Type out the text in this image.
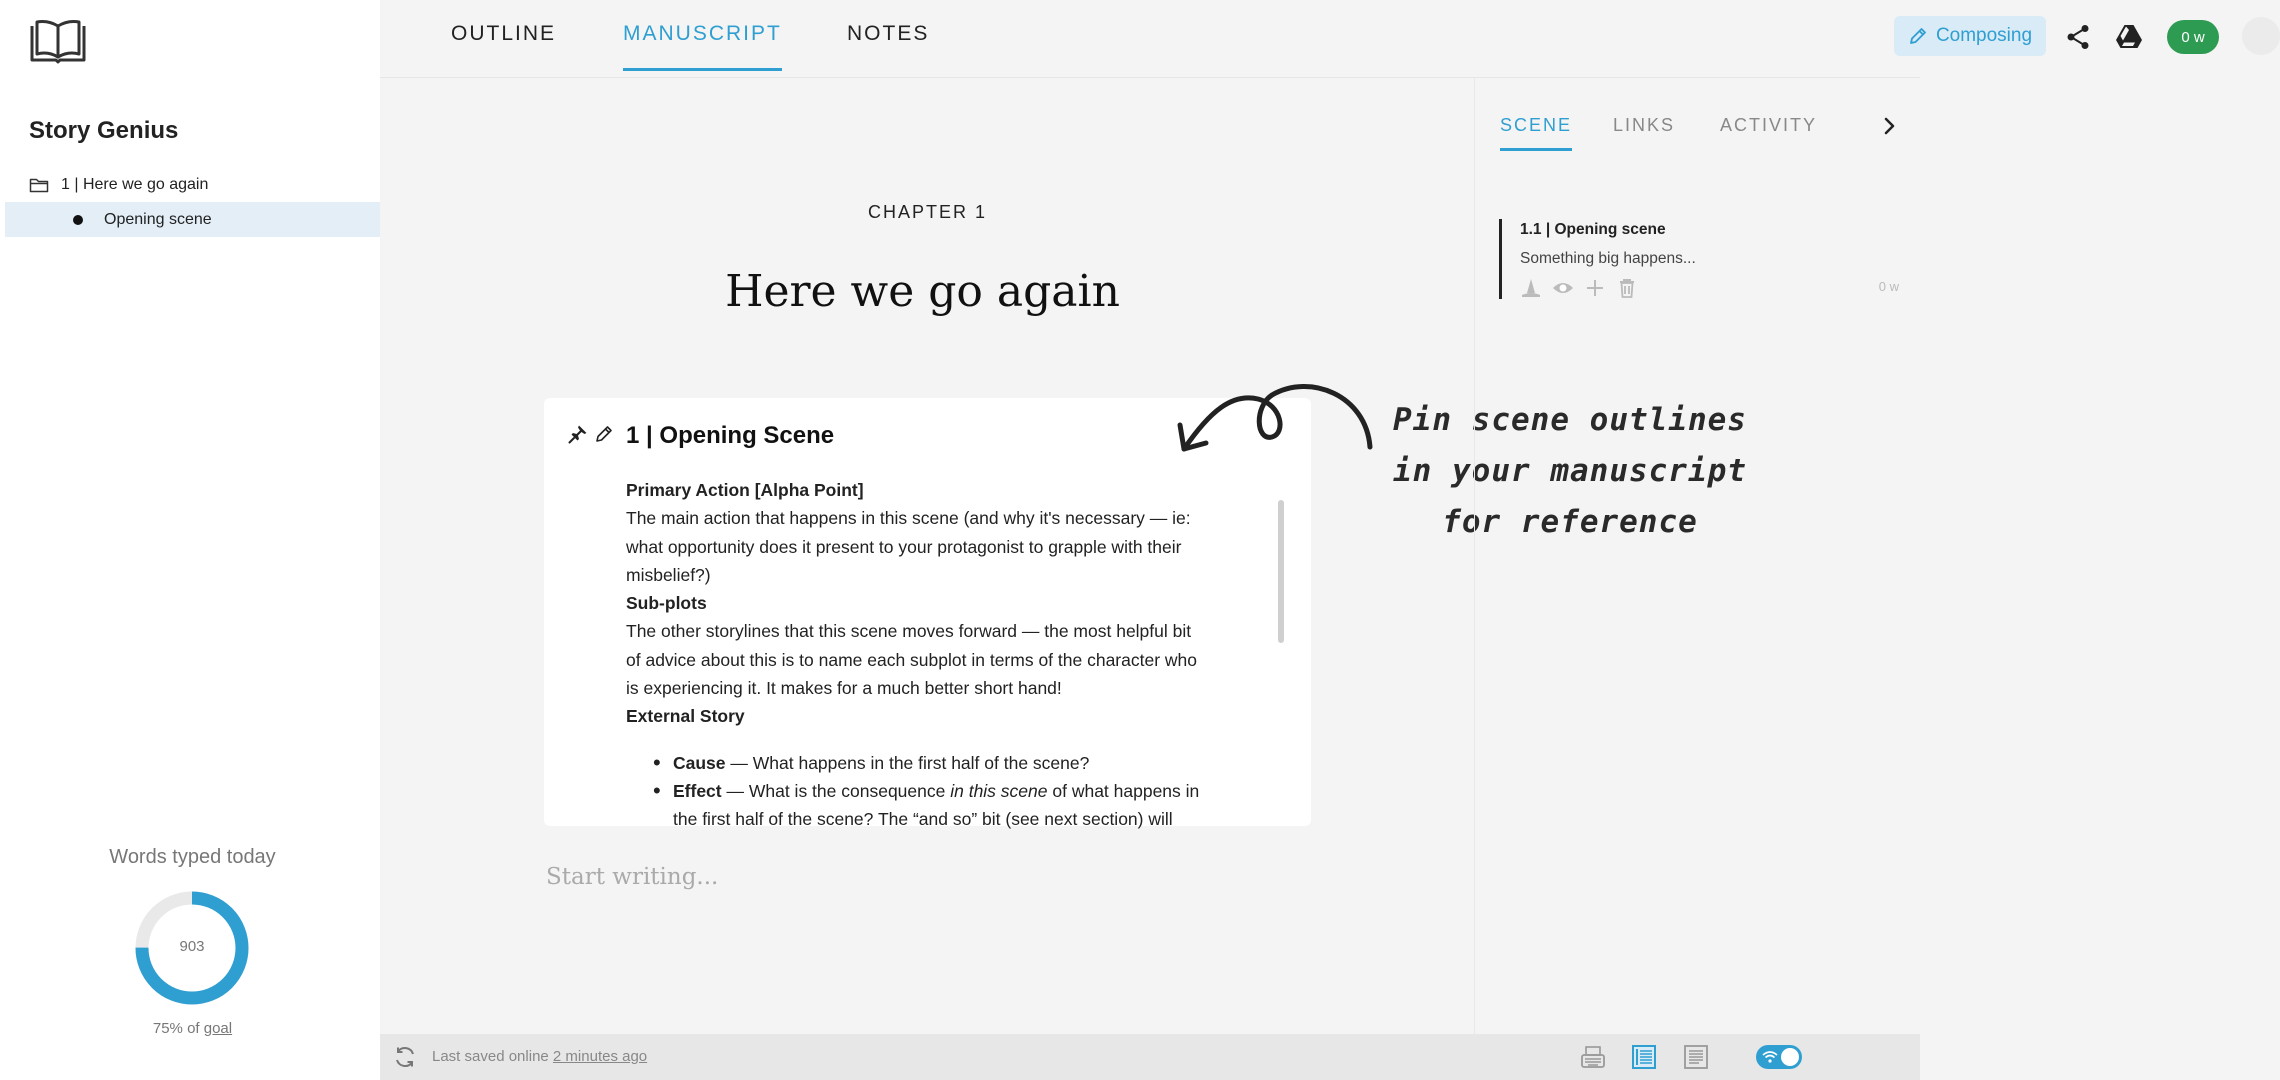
Story Genius
1 | Here we go again
Opening scene
Words typed today
903
75% of goal
OUTLINE	MANUSCRIPT	NOTES	Composing	0 w
CHAPTER 1
Here we go again
1 | Opening Scene
Primary Action [Alpha Point]
The main action that happens in this scene (and why it's necessary — ie: what opportunity does it present to your protagonist to grapple with their misbelief?)
Sub-plots
The other storylines that this scene moves forward — the most helpful bit of advice about this is to name each subplot in terms of the character who is experiencing it. It makes for a much better short hand!
External Story
• Cause — What happens in the first half of the scene?
• Effect — What is the consequence in this scene of what happens in the first half of the scene? The “and so” bit (see next section) will
Start writing...
Pin scene outlines
in your manuscript
for reference
SCENE LINKS ACTIVITY
1.1 | Opening scene
Something big happens...
0 w
Last saved online 2 minutes ago
